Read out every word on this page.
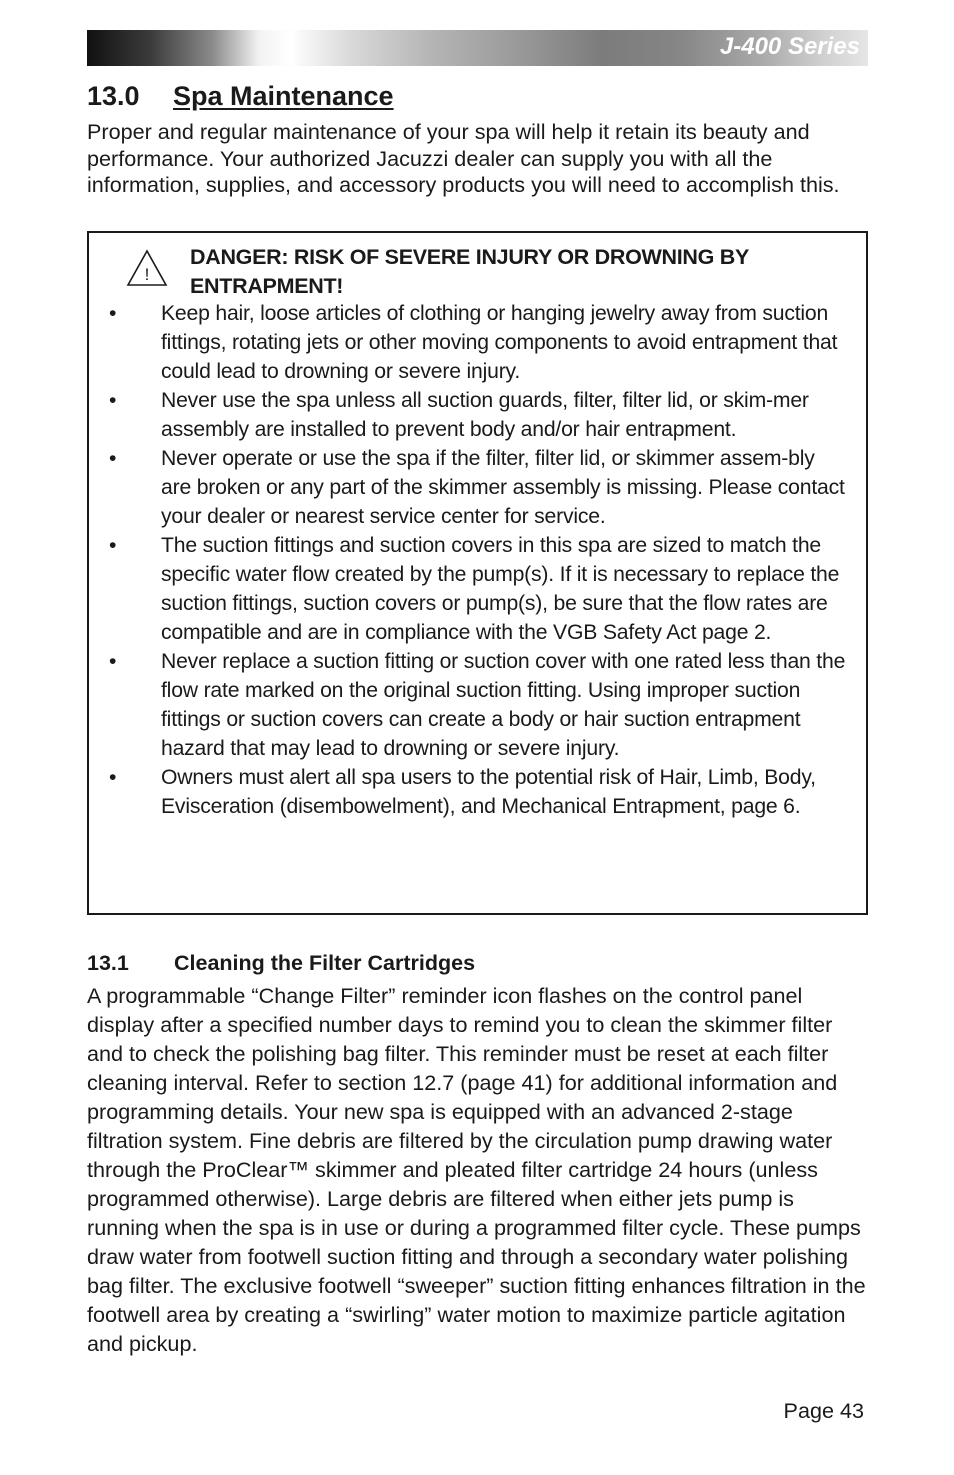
J-400 Series
13.0 Spa Maintenance

Proper and regular maintenance of your spa will help it retain its beauty and performance. Your authorized Jacuzzi dealer can supply you with all the information, supplies, and accessory products you will need to accomplish this.

!

DANGER: RISK OF SEVERE INJURY OR DROWNING BY ENTRAPMENT!

• Keep hair, loose articles of clothing or hanging jewelry away from suction fittings, rotating jets or other moving components to avoid entrapment that could lead to drowning or severe injury.
• Never use the spa unless all suction guards, filter, filter lid, or skim-mer assembly are installed to prevent body and/or hair entrapment.
• Never operate or use the spa if the filter, filter lid, or skimmer assem-bly are broken or any part of the skimmer assembly is missing. Please contact your dealer or nearest service center for service.
• The suction fittings and suction covers in this spa are sized to match the specific water flow created by the pump(s). If it is necessary to replace the suction fittings, suction covers or pump(s), be sure that the flow rates are compatible and are in compliance with the VGB Safety Act page 2.
• Never replace a suction fitting or suction cover with one rated less than the flow rate marked on the original suction fitting. Using improper suction fittings or suction covers can create a body or hair suction entrapment hazard that may lead to drowning or severe injury.
• Owners must alert all spa users to the potential risk of Hair, Limb, Body, Evisceration (disembowelment), and Mechanical Entrapment, page 6.
13.1 Cleaning the Filter Cartridges

A programmable “Change Filter” reminder icon flashes on the control panel display after a specified number days to remind you to clean the skimmer filter and to check the polishing bag filter. This reminder must be reset at each filter cleaning interval. Refer to section 12.7 (page 41) for additional information and programming details. Your new spa is equipped with an advanced 2-stage filtration system. Fine debris are filtered by the circulation pump drawing water through the ProClear™ skimmer and pleated filter cartridge 24 hours (unless programmed otherwise). Large debris are filtered when either jets pump is running when the spa is in use or during a programmed filter cycle. These pumps draw water from footwell suction fitting and through a secondary water polishing bag filter. The exclusive footwell “sweeper” suction fitting enhances filtration in the footwell area by creating a “swirling” water motion to maximize particle agitation and pickup.

Page 43
